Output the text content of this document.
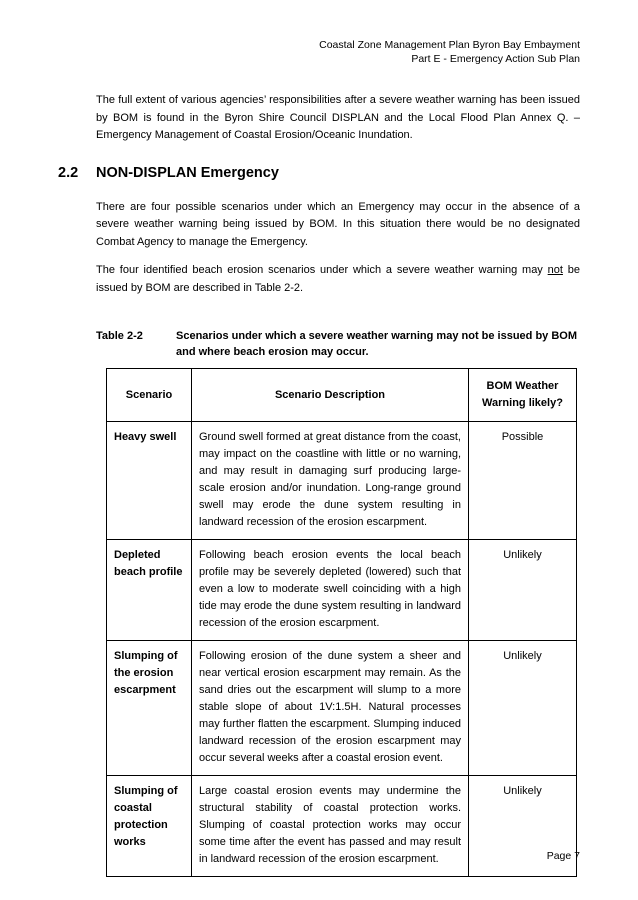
Coastal Zone Management Plan Byron Bay Embayment
Part E - Emergency Action Sub Plan

The full extent of various agencies’ responsibilities after a severe weather warning has been issued by BOM is found in the Byron Shire Council DISPLAN and the Local Flood Plan Annex Q. – Emergency Management of Coastal Erosion/Oceanic Inundation.

2.2	NON-DISPLAN Emergency

There are four possible scenarios under which an Emergency may occur in the absence of a severe weather warning being issued by BOM. In this situation there would be no designated Combat Agency to manage the Emergency.

The four identified beach erosion scenarios under which a severe weather warning may not be issued by BOM are described in Table 2-2.

Table 2-2	Scenarios under which a severe weather warning may not be issued by BOM and where beach erosion may occur.
Scenario	Scenario Description	BOM Weather
Warning likely?

Heavy swell	Ground swell formed at great distance from the coast, may impact on the coastline with little or no warning, and may result in damaging surf producing large-scale erosion and/or inundation. Long-range ground swell may erode the dune system resulting in landward recession of the erosion escarpment.	Possible
Depleted beach profile	Following beach erosion events the local beach profile may be severely depleted (lowered) such that even a low to moderate swell coinciding with a high tide may erode the dune system resulting in landward recession of the erosion escarpment.	Unlikely
Slumping of the erosion escarpment	Following erosion of the dune system a sheer and near vertical erosion escarpment may remain. As the sand dries out the escarpment will slump to a more stable slope of about 1V:1.5H. Natural processes may further flatten the escarpment. Slumping induced landward recession of the erosion escarpment may occur several weeks after a coastal erosion event.	Unlikely
Slumping of coastal protection works	Large coastal erosion events may undermine the structural stability of coastal protection works. Slumping of coastal protection works may occur some time after the event has passed and may result in landward recession of the erosion escarpment.	Unlikely
Page 7
